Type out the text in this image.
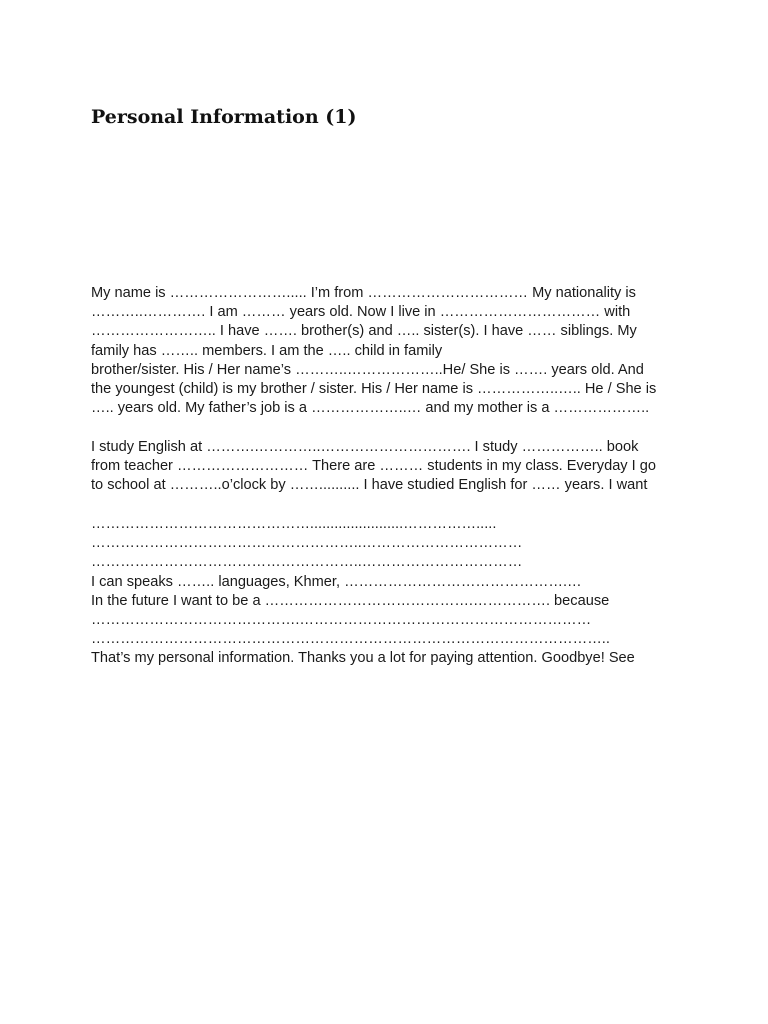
Personal Information (1)
My name is ……………………..... I’m from …………………………… My nationality is
………..…………. I am ……… years old. Now I live in …………………………… with
…………………….. I have ……. brother(s) and ….. sister(s). I have …… siblings. My
family has …….. members. I am the ….. child in family
brother/sister. His / Her name’s ………..………………..He/ She is ……. years old. And
the youngest (child) is my brother / sister. His / Her name is ……………..….. He / She is
….. years old. My father’s job is a ………………..… and my mother is a ………………..
I study English at ……….…………..…………………………. I study …………….. book
from teacher ……………………… There are ……… students in my class. Everyday I go
to school at ………..o’clock by …….......... I have studied English for …… years. I want
……………………………………….......................…………….....
………………………………………………..……………………………
………………………………………………..……………………………
I can speaks …….. languages, Khmer, ……………………………………….…
In the future I want to be a …………………………………….……………. because
…………………………………….……………………………………………………
……………………………………………………………………………………………..
That’s my personal information. Thanks you a lot for paying attention. Goodbye! See
